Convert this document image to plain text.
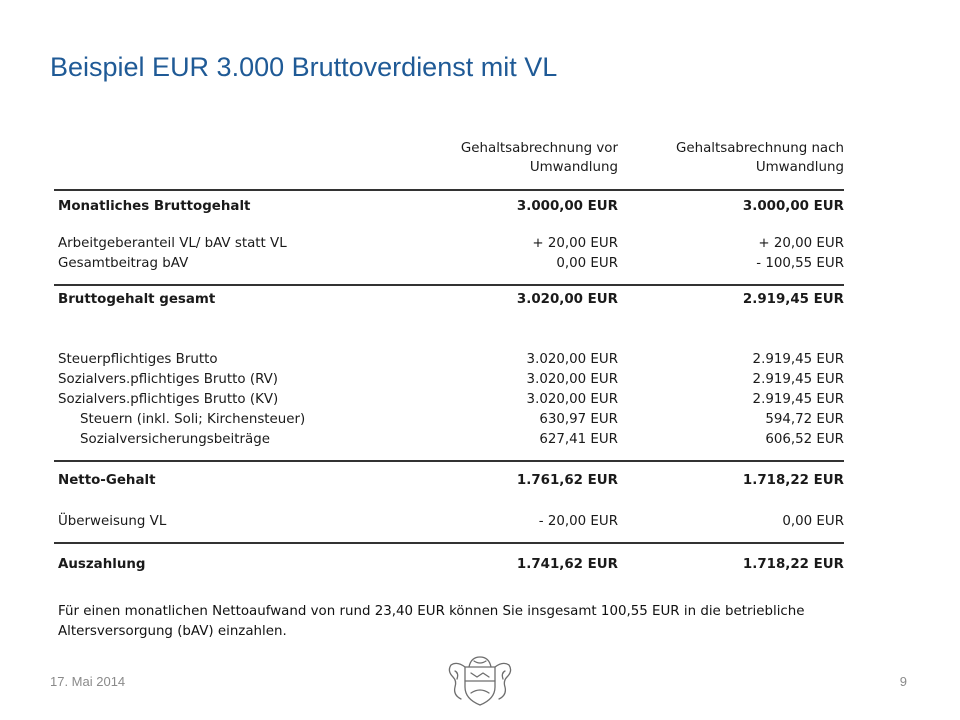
Beispiel EUR 3.000 Bruttoverdienst mit VL
Gehaltsabrechnung vor
Umwandlung
Gehaltsabrechnung nach
Umwandlung
Monatliches Bruttogehalt	3.000,00 EUR	3.000,00 EUR
Arbeitgeberanteil VL/ bAV statt VL	+ 20,00 EUR	+ 20,00 EUR
Gesamtbeitrag bAV	0,00 EUR	- 100,55 EUR
Bruttogehalt gesamt	3.020,00 EUR	2.919,45 EUR
Steuerpflichtiges Brutto	3.020,00 EUR	2.919,45 EUR
Sozialvers.pflichtiges Brutto (RV)	3.020,00 EUR	2.919,45 EUR
Sozialvers.pflichtiges Brutto (KV)	3.020,00 EUR	2.919,45 EUR
Steuern (inkl. Soli; Kirchensteuer)	630,97 EUR	594,72 EUR
Sozialversicherungsbeiträge	627,41 EUR	606,52 EUR
Netto-Gehalt	1.761,62 EUR	1.718,22 EUR
Überweisung VL	- 20,00 EUR	0,00 EUR
Auszahlung	1.741,62 EUR	1.718,22 EUR
Für einen monatlichen Nettoaufwand von rund 23,40 EUR können Sie insgesamt 100,55 EUR in die betriebliche
Altersversorgung (bAV) einzahlen.
17. Mai 2014	9
